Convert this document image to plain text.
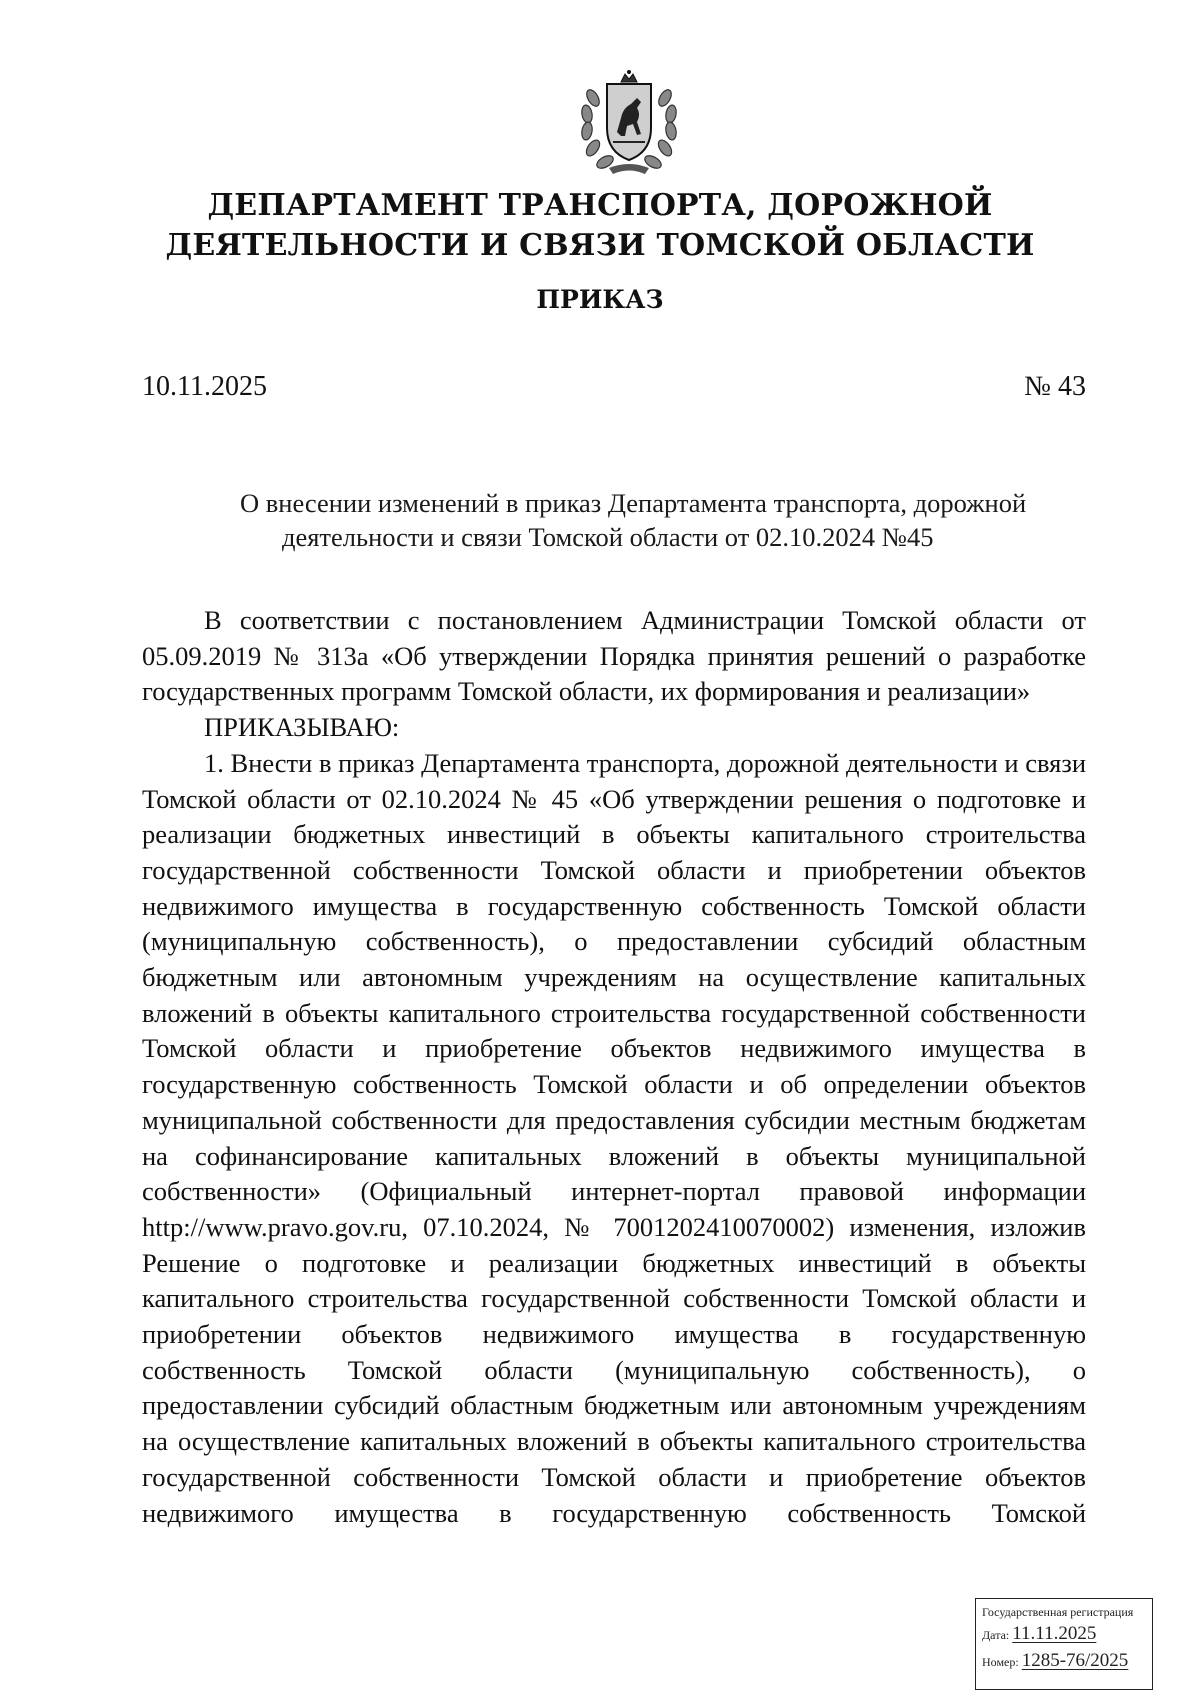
ДЕПАРТАМЕНТ ТРАНСПОРТА, ДОРОЖНОЙ ДЕЯТЕЛЬНОСТИ И СВЯЗИ ТОМСКОЙ ОБЛАСТИ
ПРИКАЗ
10.11.2025	№ 43
О внесении изменений в приказ Департамента транспорта, дорожной
деятельности и связи Томской области от 02.10.2024 №45

В соответствии с постановлением Администрации Томской области от 05.09.2019 № 313а «Об утверждении Порядка принятия решений о разработке государственных программ Томской области, их формирования и реализации»

ПРИКАЗЫВАЮ:

1. Внести в приказ Департамента транспорта, дорожной деятельности и связи Томской области от 02.10.2024 № 45 «Об утверждении решения о подготовке и реализации бюджетных инвестиций в объекты капитального строительства государственной собственности Томской области и приобретении объектов недвижимого имущества в государственную собственность Томской области (муниципальную собственность), о предоставлении субсидий областным бюджетным или автономным учреждениям на осуществление капитальных вложений в объекты капитального строительства государственной собственности Томской области и приобретение объектов недвижимого имущества в государственную собственность Томской области и об определении объектов муниципальной собственности для предоставления субсидии местным бюджетам на софинансирование капитальных вложений в объекты муниципальной собственности» (Официальный интернет-портал правовой информации http://www.pravo.gov.ru, 07.10.2024, № 7001202410070002) изменения, изложив Решение о подготовке и реализации бюджетных инвестиций в объекты капитального строительства государственной собственности Томской области и приобретении объектов недвижимого имущества в государственную собственность Томской области (муниципальную собственность), о предоставлении субсидий областным бюджетным или автономным учреждениям на осуществление капитальных вложений в объекты капитального строительства государственной собственности Томской области и приобретение объектов недвижимого имущества в государственную собственность Томской

Государственная регистрация
Дата: 11.11.2025
Номер: 1285-76/2025
